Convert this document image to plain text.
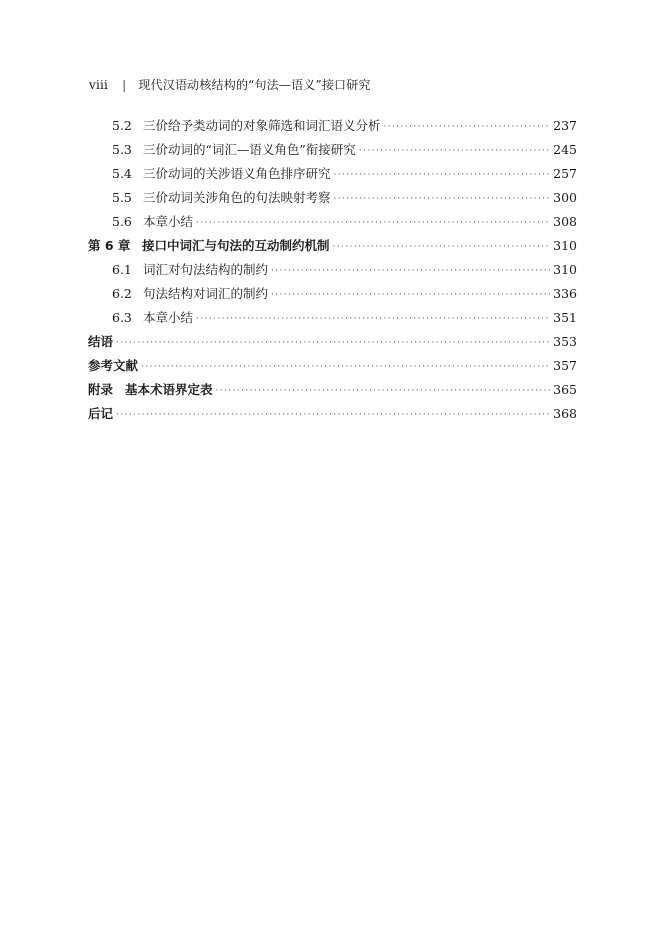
viii | 现代汉语动核结构的“句法—语义”接口研究
5.2 三价给予类动词的对象筛选和词汇语义分析 ·····	237
5.3 三价动词的“词汇—语义角色”衔接研究 ·····	245
5.4 三价动词的关涉语义角色排序研究 ·····	257
5.5 三价动词关涉角色的句法映射考察 ·····	300
5.6 本章小结 ·····	308
第 6 章 接口中词汇与句法的互动制约机制 ·····	310
6.1 词汇对句法结构的制约 ·····	310
6.2 句法结构对词汇的制约 ·····	336
6.3 本章小结 ·····	351
结语 ·····	353
参考文献 ·····	357
附录 基本术语界定表 ·····	365
后记 ·····	368
